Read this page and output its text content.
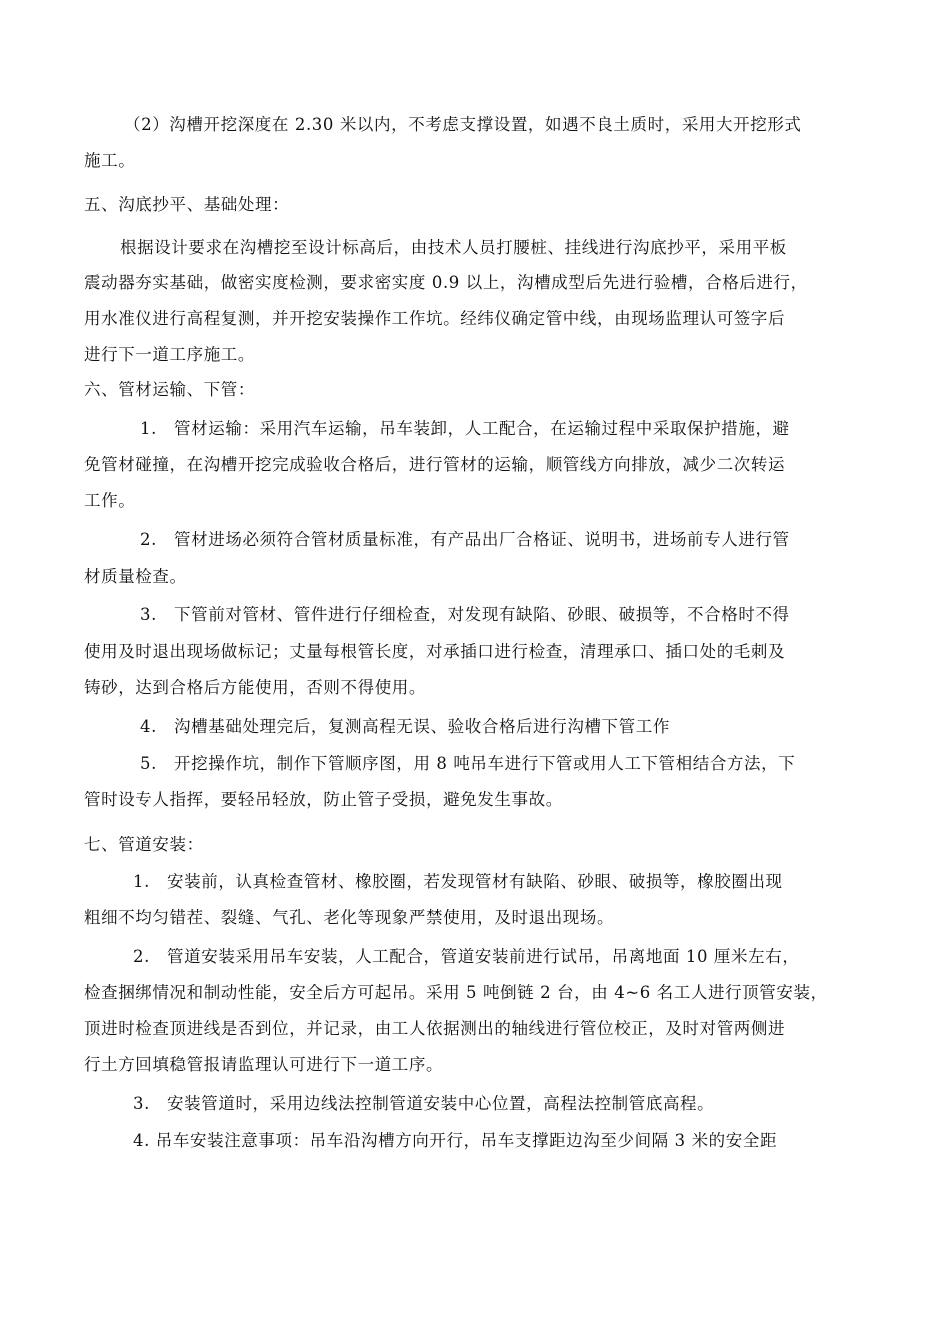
（2）沟槽开挖深度在 2.30 米以内，不考虑支撑设置，如遇不良土质时，采用大开挖形式
施工。
五、沟底抄平、基础处理：
根据设计要求在沟槽挖至设计标高后，由技术人员打腰桩、挂线进行沟底抄平，采用平板
震动器夯实基础，做密实度检测，要求密实度 0.9 以上，沟槽成型后先进行验槽，合格后进行，
用水准仪进行高程复测，并开挖安装操作工作坑。经纬仪确定管中线，由现场监理认可签字后
进行下一道工序施工。
六、管材运输、下管：
1.　管材运输：采用汽车运输，吊车装卸，人工配合，在运输过程中采取保护措施，避
免管材碰撞，在沟槽开挖完成验收合格后，进行管材的运输，顺管线方向排放，减少二次转运
工作。
2.　管材进场必须符合管材质量标准，有产品出厂合格证、说明书，进场前专人进行管
材质量检查。
3.　下管前对管材、管件进行仔细检查，对发现有缺陷、砂眼、破损等，不合格时不得
使用及时退出现场做标记；丈量每根管长度，对承插口进行检查，清理承口、插口处的毛刺及
铸砂，达到合格后方能使用，否则不得使用。
4.　沟槽基础处理完后，复测高程无误、验收合格后进行沟槽下管工作
5.　开挖操作坑，制作下管顺序图，用 8 吨吊车进行下管或用人工下管相结合方法，下
管时设专人指挥，要轻吊轻放，防止管子受损，避免发生事故。
七、管道安装：
1.　安装前，认真检查管材、橡胶圈，若发现管材有缺陷、砂眼、破损等，橡胶圈出现
粗细不均匀错茬、裂缝、气孔、老化等现象严禁使用，及时退出现场。
2.　管道安装采用吊车安装，人工配合，管道安装前进行试吊，吊离地面 10 厘米左右，
检查捆绑情况和制动性能，安全后方可起吊。采用 5 吨倒链 2 台，由 4~6 名工人进行顶管安装，
顶进时检查顶进线是否到位，并记录，由工人依据测出的轴线进行管位校正，及时对管两侧进
行土方回填稳管报请监理认可进行下一道工序。
3.　安装管道时，采用边线法控制管道安装中心位置，高程法控制管底高程。
4. 吊车安装注意事项：吊车沿沟槽方向开行，吊车支撑距边沟至少间隔 3 米的安全距
